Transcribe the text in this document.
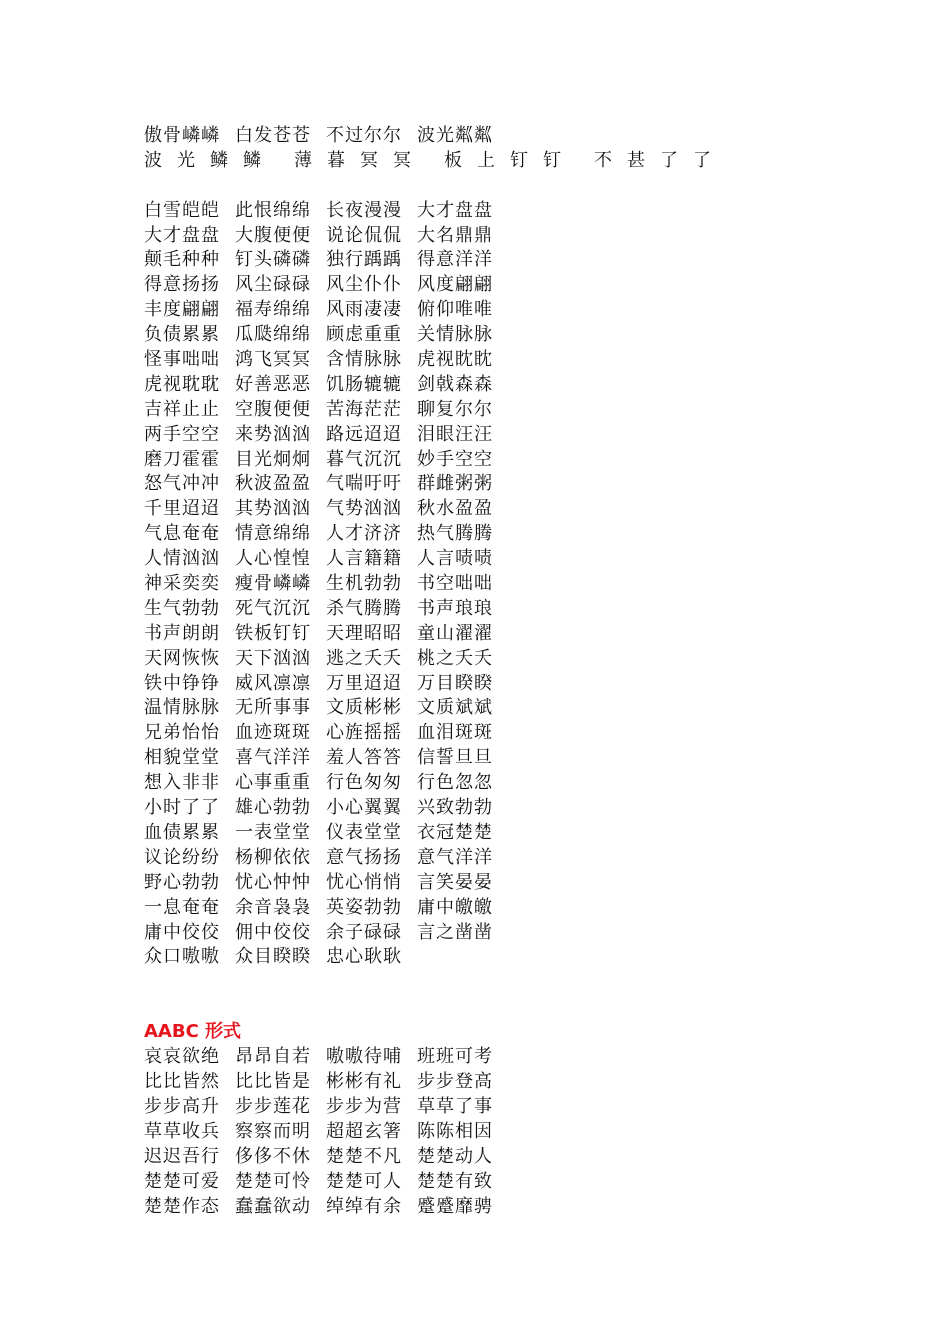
傲骨嶙嶙 白发苍苍 不过尔尔 波光粼粼
波光鳞鳞 薄暮冥冥 板上钉钉 不甚了了
白雪皑皑 此恨绵绵 长夜漫漫 大才盘盘
大才盘盘 大腹便便 说论侃侃 大名鼎鼎
颠毛种种 钉头磷磷 独行踽踽 得意洋洋
得意扬扬 风尘碌碌 风尘仆仆 风度翩翩
丰度翩翩 福寿绵绵 风雨凄凄 俯仰唯唯
负债累累 瓜瓞绵绵 顾虑重重 关情脉脉
怪事咄咄 鸿飞冥冥 含情脉脉 虎视眈眈
虎视耽耽 好善恶恶 饥肠辘辘 剑戟森森
吉祥止止 空腹便便 苦海茫茫 聊复尔尔
两手空空 来势汹汹 路远迢迢 泪眼汪汪
磨刀霍霍 目光炯炯 暮气沉沉 妙手空空
怒气冲冲 秋波盈盈 气喘吁吁 群雌粥粥
千里迢迢 其势汹汹 气势汹汹 秋水盈盈
气息奄奄 情意绵绵 人才济济 热气腾腾
人情汹汹 人心惶惶 人言籍籍 人言啧啧
神采奕奕 瘦骨嶙嶙 生机勃勃 书空咄咄
生气勃勃 死气沉沉 杀气腾腾 书声琅琅
书声朗朗 铁板钉钉 天理昭昭 童山濯濯
天网恢恢 天下汹汹 逃之夭夭 桃之夭夭
铁中铮铮 威风凛凛 万里迢迢 万目睽睽
温情脉脉 无所事事 文质彬彬 文质斌斌
兄弟怡怡 血迹斑斑 心旌摇摇 血泪斑斑
相貌堂堂 喜气洋洋 羞人答答 信誓旦旦
想入非非 心事重重 行色匆匆 行色忽忽
小时了了 雄心勃勃 小心翼翼 兴致勃勃
血债累累 一表堂堂 仪表堂堂 衣冠楚楚
议论纷纷 杨柳依依 意气扬扬 意气洋洋
野心勃勃 忧心忡忡 忧心悄悄 言笑晏晏
一息奄奄 余音袅袅 英姿勃勃 庸中皦皦
庸中佼佼 佣中佼佼 余子碌碌 言之凿凿
众口嗷嗷 众目睽睽 忠心耿耿
AABC 形式
哀哀欲绝 昂昂自若 嗷嗷待哺 班班可考
比比皆然 比比皆是 彬彬有礼 步步登高
步步高升 步步莲花 步步为营 草草了事
草草收兵 察察而明 超超玄箸 陈陈相因
迟迟吾行 侈侈不休 楚楚不凡 楚楚动人
楚楚可爱 楚楚可怜 楚楚可人 楚楚有致
楚楚作态 蠢蠢欲动 绰绰有余 蹙蹙靡骋
